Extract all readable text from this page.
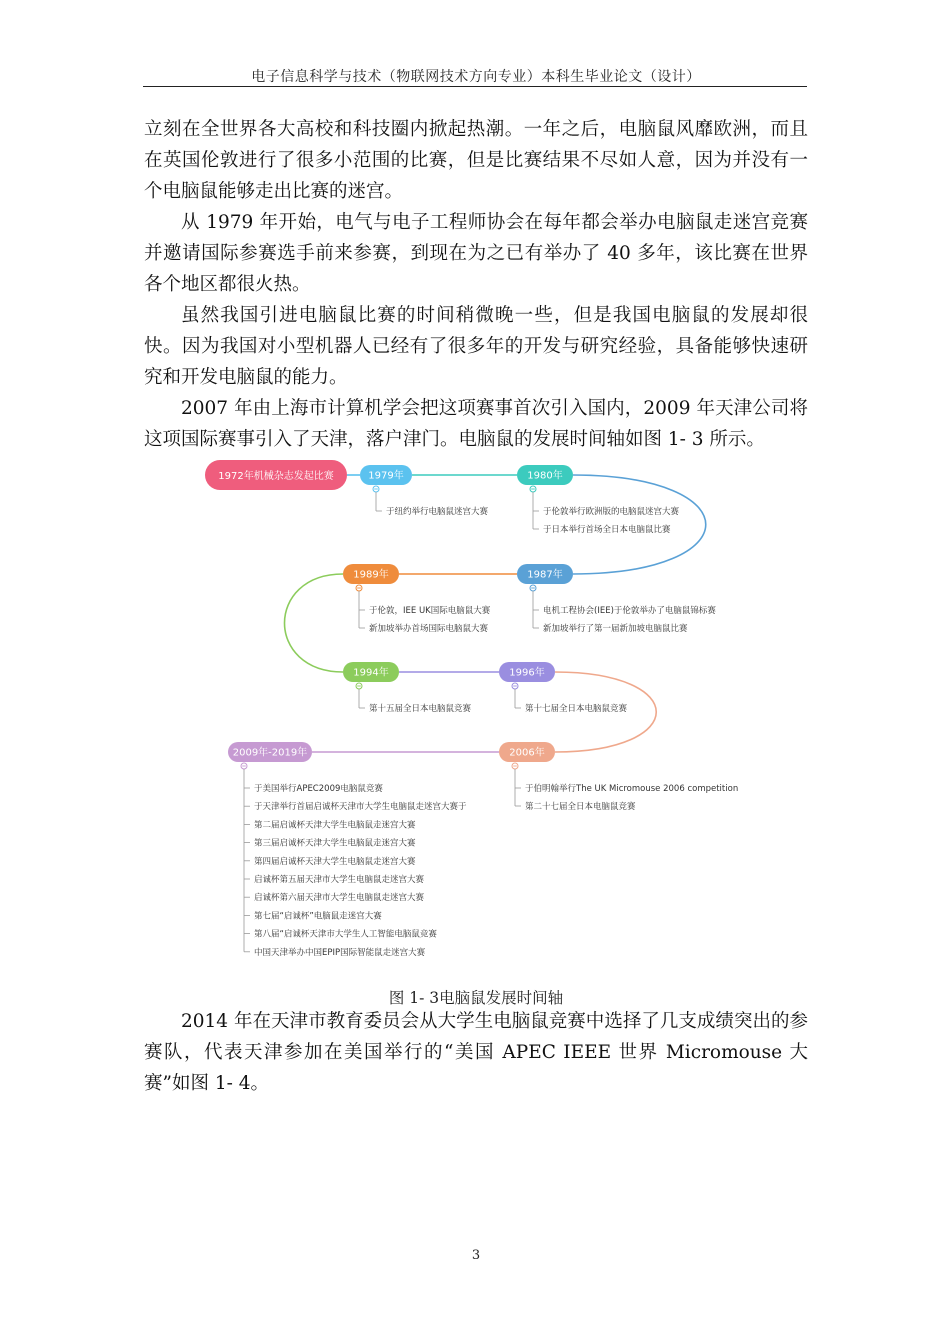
电子信息科学与技术（物联网技术方向专业）本科生毕业论文（设计）

立刻在全世界各大高校和科技圈内掀起热潮。一年之后，电脑鼠风靡欧洲，而且在英国伦敦进行了很多小范围的比赛，但是比赛结果不尽如人意，因为并没有一个电脑鼠能够走出比赛的迷宫。

从 1979 年开始，电气与电子工程师协会在每年都会举办电脑鼠走迷宫竞赛并邀请国际参赛选手前来参赛，到现在为之已有举办了 40 多年，该比赛在世界各个地区都很火热。

虽然我国引进电脑鼠比赛的时间稍微晚一些，但是我国电脑鼠的发展却很快。因为我国对小型机器人已经有了很多年的开发与研究经验，具备能够快速研究和开发电脑鼠的能力。

2007 年由上海市计算机学会把这项赛事首次引入国内，2009 年天津公司将这项国际赛事引入了天津，落户津门。电脑鼠的发展时间轴如图 1- 3 所示。

1972年机械杂志发起比赛	1979年	1980年
1987年
1989年
1994年	1996年
2006年
2009年-2019年
于纽约举行电脑鼠迷宫大赛	于伦敦举行欧洲版的电脑鼠迷宫大赛
于日本举行首场全日本电脑鼠比赛
电机工程协会(IEE)于伦敦举办了电脑鼠锦标赛
新加坡举行了第一届新加坡电脑鼠比赛
于伦敦，IEE UK国际电脑鼠大赛
新加坡举办首场国际电脑鼠大赛
第十五届全日本电脑鼠竞赛	第十七届全日本电脑鼠竞赛
于伯明翰举行The UK Micromouse 2006 competition
第二十七届全日本电脑鼠竞赛
于美国举行APEC2009电脑鼠竞赛
于天津举行首届启诚杯天津市大学生电脑鼠走迷宫大赛于
第二届启诚杯天津大学生电脑鼠走迷宫大赛
第三届启诚杯天津大学生电脑鼠走迷宫大赛
第四届启诚杯天津大学生电脑鼠走迷宫大赛
启诚杯第五届天津市大学生电脑鼠走迷宫大赛
启诚杯第六届天津市大学生电脑鼠走迷宫大赛
第七届“启诚杯”电脑鼠走迷宫大赛
第八届“启诚杯天津市大学生人工智能电脑鼠竞赛
中国天津举办中国EPIP国际智能鼠走迷宫大赛
图 1- 3电脑鼠发展时间轴

2014 年在天津市教育委员会从大学生电脑鼠竞赛中选择了几支成绩突出的参赛队，代表天津参加在美国举行的“美国 APEC IEEE 世界 Micromouse 大赛”如图 1- 4。

3
